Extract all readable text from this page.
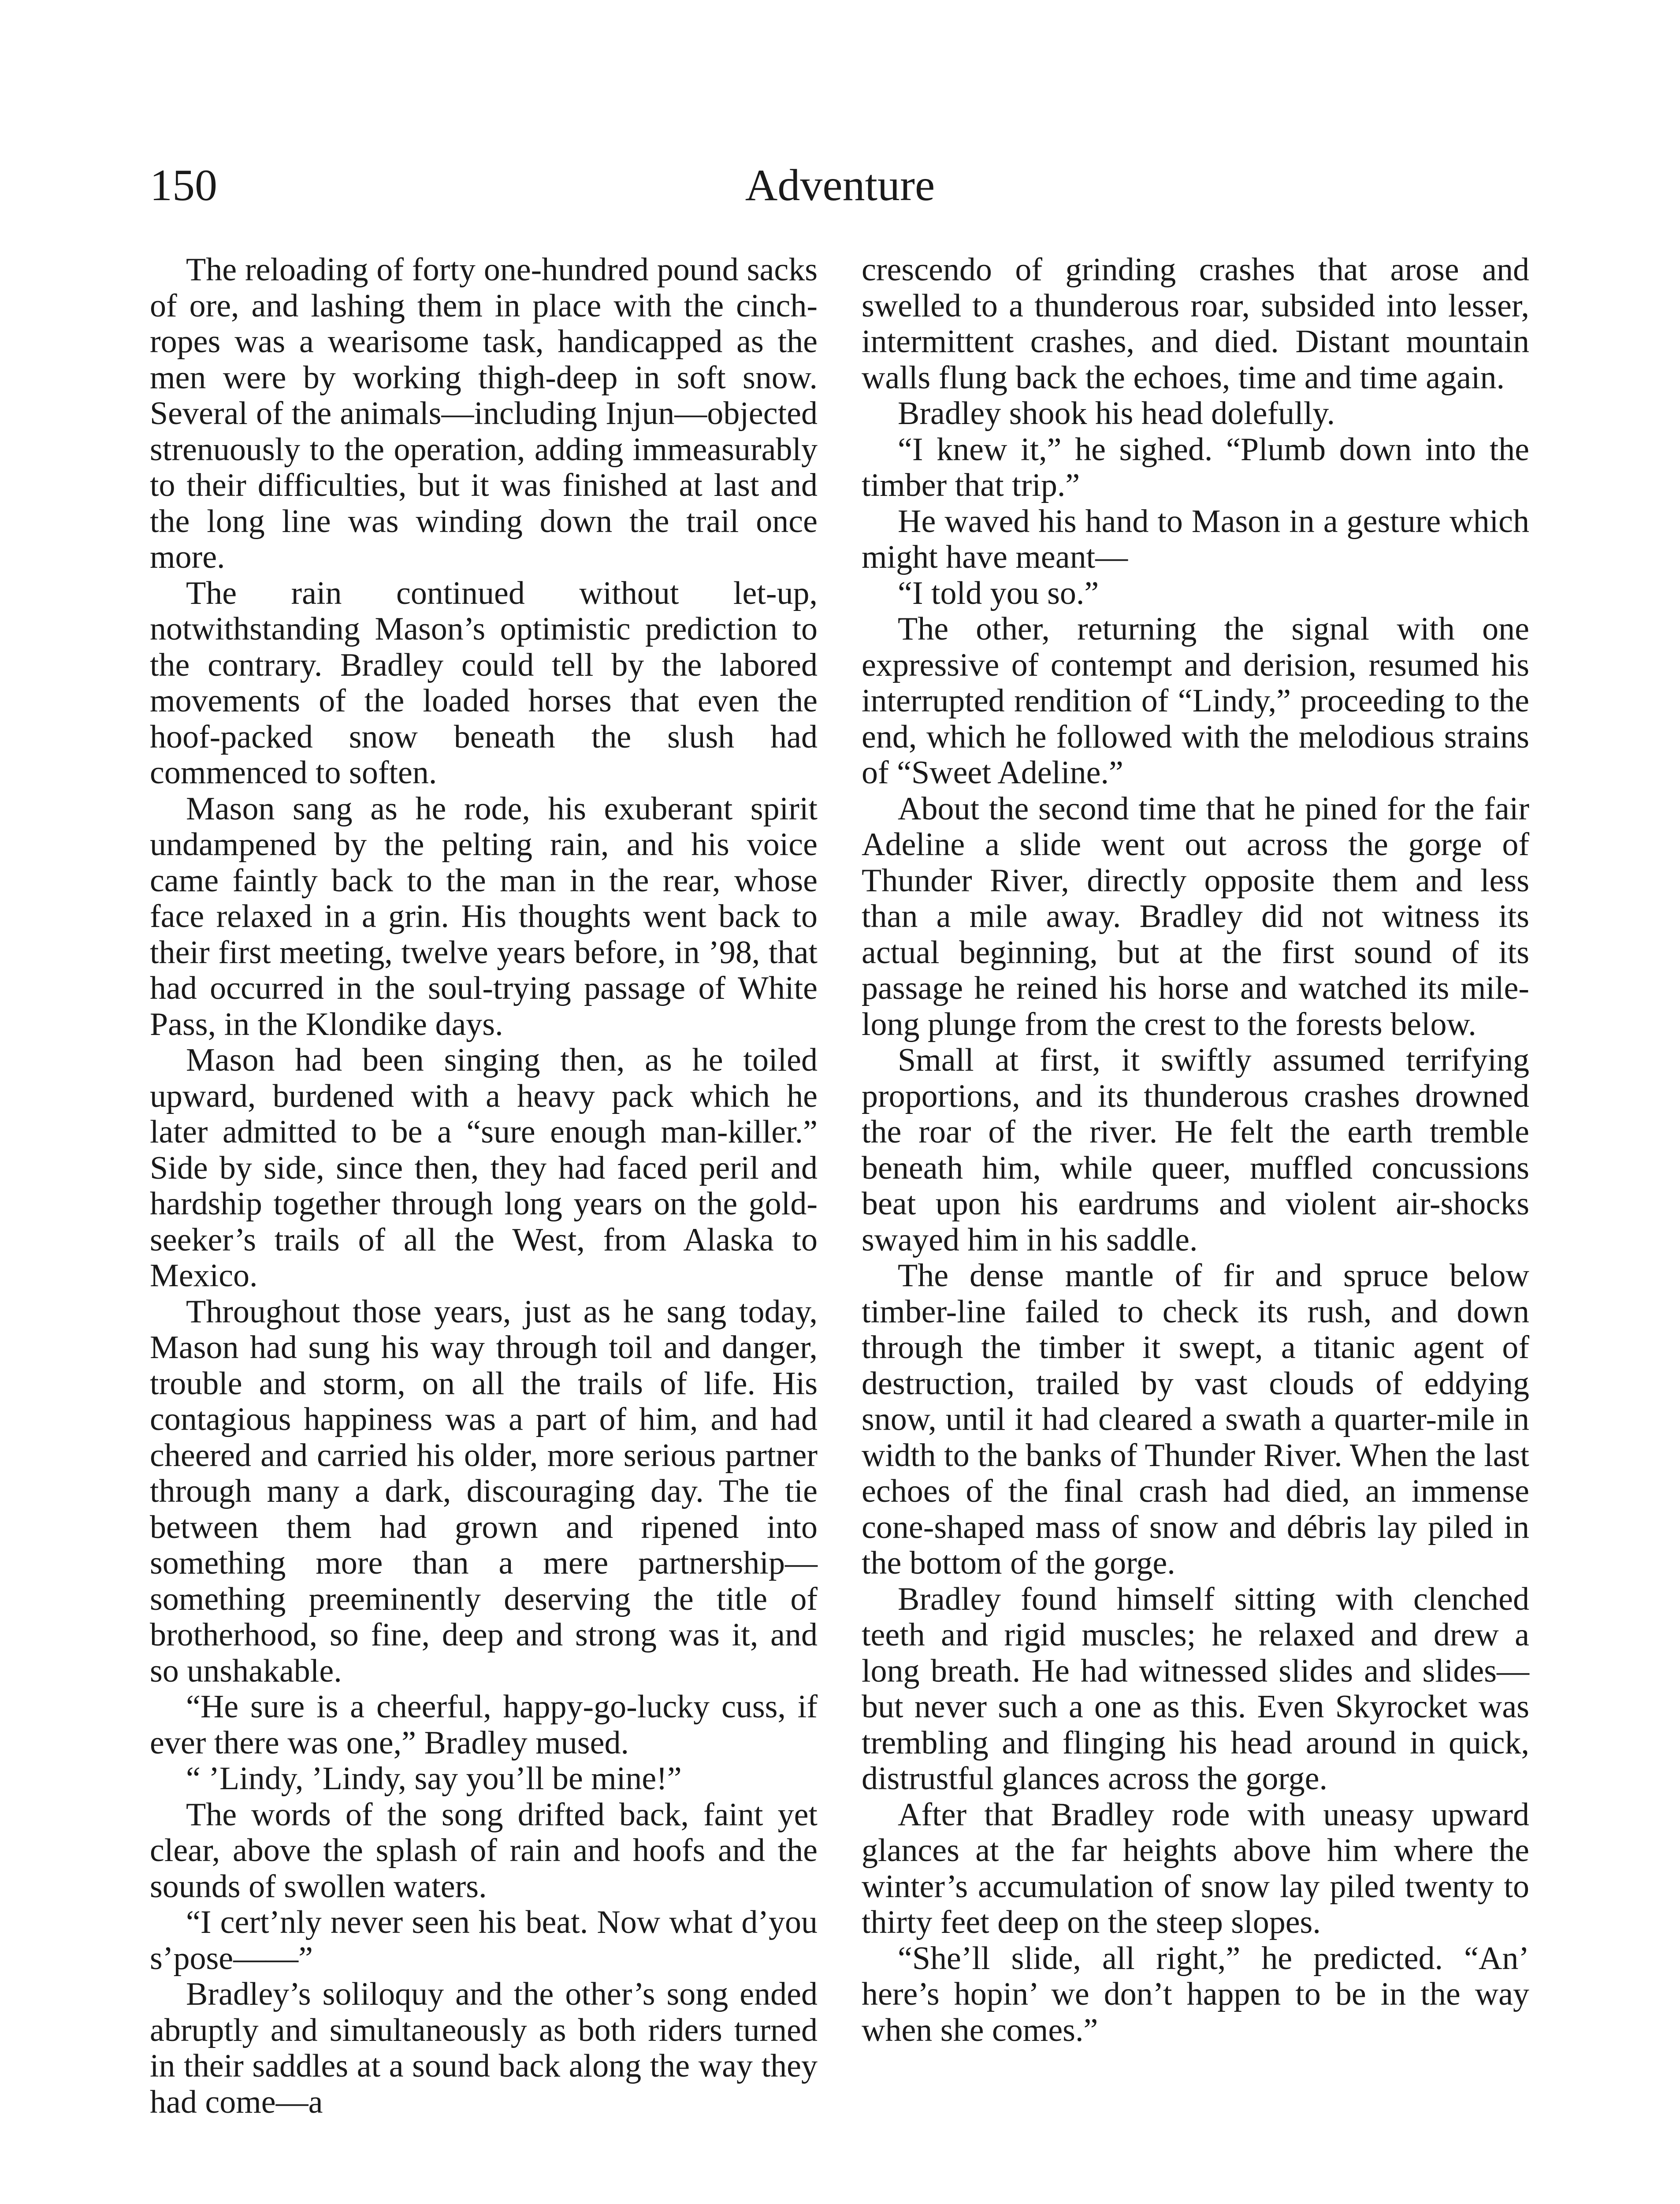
150	Adventure

The reloading of forty one-hundred pound sacks of ore, and lashing them in place with the cinch-ropes was a wearisome task, handicapped as the men were by working thigh-deep in soft snow. Several of the animals—including Injun—objected strenuously to the operation, adding immeasurably to their difficulties, but it was finished at last and the long line was winding down the trail once more.

The rain continued without let-up, notwithstanding Mason’s optimistic prediction to the contrary. Bradley could tell by the labored movements of the loaded horses that even the hoof-packed snow beneath the slush had commenced to soften.

Mason sang as he rode, his exuberant spirit undampened by the pelting rain, and his voice came faintly back to the man in the rear, whose face relaxed in a grin. His thoughts went back to their first meeting, twelve years before, in ’98, that had occurred in the soul-trying passage of White Pass, in the Klondike days.

Mason had been singing then, as he toiled upward, burdened with a heavy pack which he later admitted to be a “sure enough man-killer.” Side by side, since then, they had faced peril and hardship together through long years on the gold-seeker’s trails of all the West, from Alaska to Mexico.

Throughout those years, just as he sang today, Mason had sung his way through toil and danger, trouble and storm, on all the trails of life. His contagious happiness was a part of him, and had cheered and carried his older, more serious partner through many a dark, discouraging day. The tie between them had grown and ripened into something more than a mere partnership—something preeminently deserving the title of brotherhood, so fine, deep and strong was it, and so unshakable.

“He sure is a cheerful, happy-go-lucky cuss, if ever there was one,” Bradley mused.

“ ’Lindy, ’Lindy, say you’ll be mine!”

The words of the song drifted back, faint yet clear, above the splash of rain and hoofs and the sounds of swollen waters.

“I cert’nly never seen his beat. Now what d’you s’pose——”

Bradley’s soliloquy and the other’s song ended abruptly and simultaneously as both riders turned in their saddles at a sound back along the way they had come—a

crescendo of grinding crashes that arose and swelled to a thunderous roar, subsided into lesser, intermittent crashes, and died. Distant mountain walls flung back the echoes, time and time again.

Bradley shook his head dolefully.

“I knew it,” he sighed. “Plumb down into the timber that trip.”

He waved his hand to Mason in a gesture which might have meant—

“I told you so.”

The other, returning the signal with one expressive of contempt and derision, resumed his interrupted rendition of “Lindy,” proceeding to the end, which he followed with the melodious strains of “Sweet Adeline.”

About the second time that he pined for the fair Adeline a slide went out across the gorge of Thunder River, directly opposite them and less than a mile away. Bradley did not witness its actual beginning, but at the first sound of its passage he reined his horse and watched its mile-long plunge from the crest to the forests below.

Small at first, it swiftly assumed terrifying proportions, and its thunderous crashes drowned the roar of the river. He felt the earth tremble beneath him, while queer, muffled concussions beat upon his eardrums and violent air-shocks swayed him in his saddle.

The dense mantle of fir and spruce below timber-line failed to check its rush, and down through the timber it swept, a titanic agent of destruction, trailed by vast clouds of eddying snow, until it had cleared a swath a quarter-mile in width to the banks of Thunder River. When the last echoes of the final crash had died, an immense cone-shaped mass of snow and débris lay piled in the bottom of the gorge.

Bradley found himself sitting with clenched teeth and rigid muscles; he relaxed and drew a long breath. He had witnessed slides and slides—but never such a one as this. Even Skyrocket was trembling and flinging his head around in quick, distrustful glances across the gorge.

After that Bradley rode with uneasy upward glances at the far heights above him where the winter’s accumulation of snow lay piled twenty to thirty feet deep on the steep slopes.

“She’ll slide, all right,” he predicted. “An’ here’s hopin’ we don’t happen to be in the way when she comes.”
